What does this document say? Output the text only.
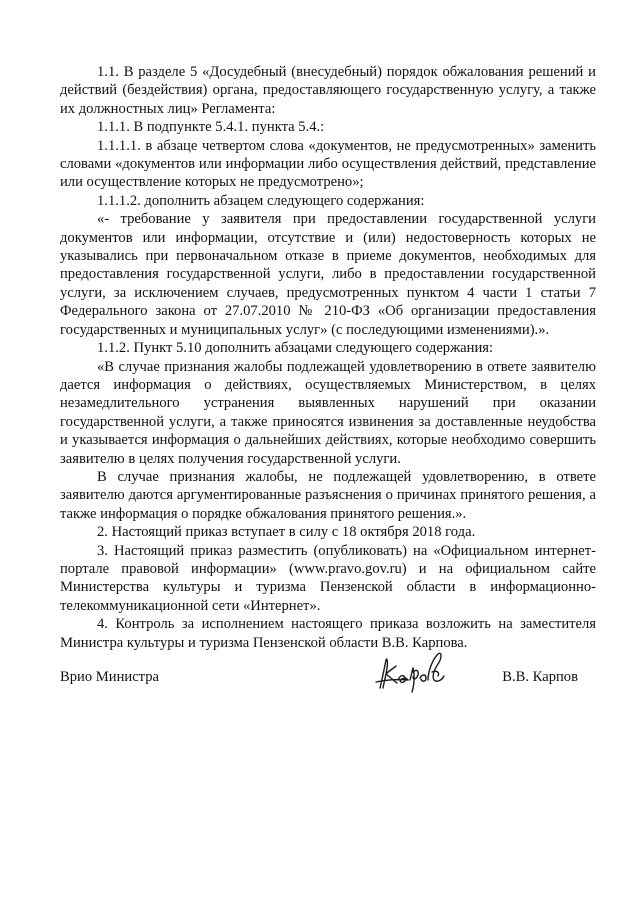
1.1. В разделе 5 «Досудебный (внесудебный) порядок обжалования решений и действий (бездействия) органа, предоставляющего государственную услугу, а также их должностных лиц» Регламента:

1.1.1. В подпункте 5.4.1. пункта 5.4.:

1.1.1.1. в абзаце четвертом слова «документов, не предусмотренных» заменить словами «документов или информации либо осуществления действий, представление или осуществление которых не предусмотрено»;

1.1.1.2. дополнить абзацем следующего содержания:

«- требование у заявителя при предоставлении государственной услуги документов или информации, отсутствие и (или) недостоверность которых не указывались при первоначальном отказе в приеме документов, необходимых для предоставления государственной услуги, либо в предоставлении государственной услуги, за исключением случаев, предусмотренных пунктом 4 части 1 статьи 7 Федерального закона от 27.07.2010 № 210-ФЗ «Об организации предоставления государственных и муниципальных услуг» (с последующими изменениями).».

1.1.2. Пункт 5.10 дополнить абзацами следующего содержания:

«В случае признания жалобы подлежащей удовлетворению в ответе заявителю дается информация о действиях, осуществляемых Министерством, в целях незамедлительного устранения выявленных нарушений при оказании государственной услуги, а также приносятся извинения за доставленные неудобства и указывается информация о дальнейших действиях, которые необходимо совершить заявителю в целях получения государственной услуги.

В случае признания жалобы, не подлежащей удовлетворению, в ответе заявителю даются аргументированные разъяснения о причинах принятого решения, а также информация о порядке обжалования принятого решения.».

2. Настоящий приказ вступает в силу с 18 октября 2018 года.

3. Настоящий приказ разместить (опубликовать) на «Официальном интернет-портале правовой информации» (www.pravo.gov.ru) и на официальном сайте Министерства культуры и туризма Пензенской области в информационно-телекоммуникационной сети «Интернет».

4. Контроль за исполнением настоящего приказа возложить на заместителя Министра культуры и туризма Пензенской области В.В. Карпова.

Врио Министра	В.В. Карпов
